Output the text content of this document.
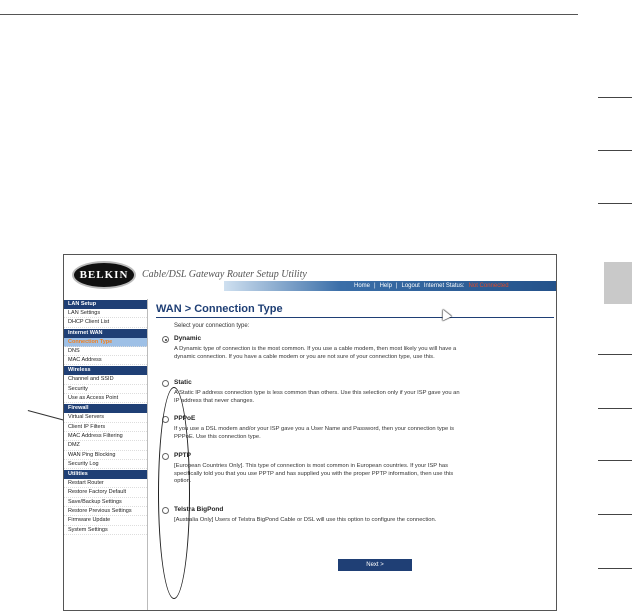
BELKIN	Cable/DSL Gateway Router Setup Utility
Home | Help | Logout Internet Status: Not Connected
LAN Setup
LAN Settings
DHCP Client List
Internet WAN
Connection Type
DNS
MAC Address
Wireless
Channel and SSID
Security
Use as Access Point
Firewall
Virtual Servers
Client IP Filters
MAC Address Filtering
DMZ
WAN Ping Blocking
Security Log
Utilities
Restart Router
Restore Factory Default
Save/Backup Settings
Restore Previous Settings
Firmware Update
System Settings
WAN > Connection Type
Select your connection type:
Dynamic
A Dynamic type of connection is the most common. If you use a cable modem, then most likely you will have a dynamic connection. If you have a cable modem or you are not sure of your connection type, use this.
Static
A Static IP address connection type is less common than others. Use this selection only if your ISP gave you an IP address that never changes.
PPPoE
If you use a DSL modem and/or your ISP gave you a User Name and Password, then your connection type is PPPoE. Use this connection type.
PPTP
[European Countries Only]. This type of connection is most common in European countries. If your ISP has specifically told you that you use PPTP and has supplied you with the proper PPTP information, then use this option.
Telstra BigPond
[Australia Only] Users of Telstra BigPond Cable or DSL will use this option to configure the connection.
Next >
